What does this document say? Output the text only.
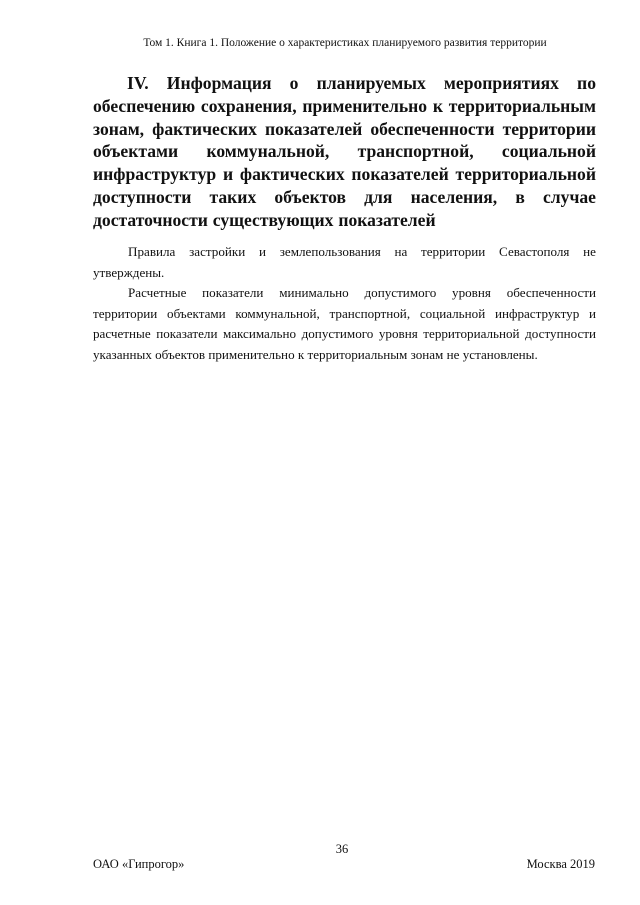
Том 1. Книга 1. Положение о характеристиках планируемого развития территории
IV. Информация о планируемых мероприятиях по обеспечению сохранения, применительно к территориальным зонам, фактических показателей обеспеченности территории объектами коммунальной, транспортной, социальной инфраструктур и фактических показателей территориальной доступности таких объектов для населения, в случае достаточности существующих показателей

Правила застройки и землепользования на территории Севастополя не утверждены.

Расчетные показатели минимально допустимого уровня обеспеченности территории объектами коммунальной, транспортной, социальной инфраструктур и расчетные показатели максимально допустимого уровня территориальной доступности указанных объектов применительно к территориальным зонам не установлены.

36
ОАО «Гипрогор»	Москва 2019
